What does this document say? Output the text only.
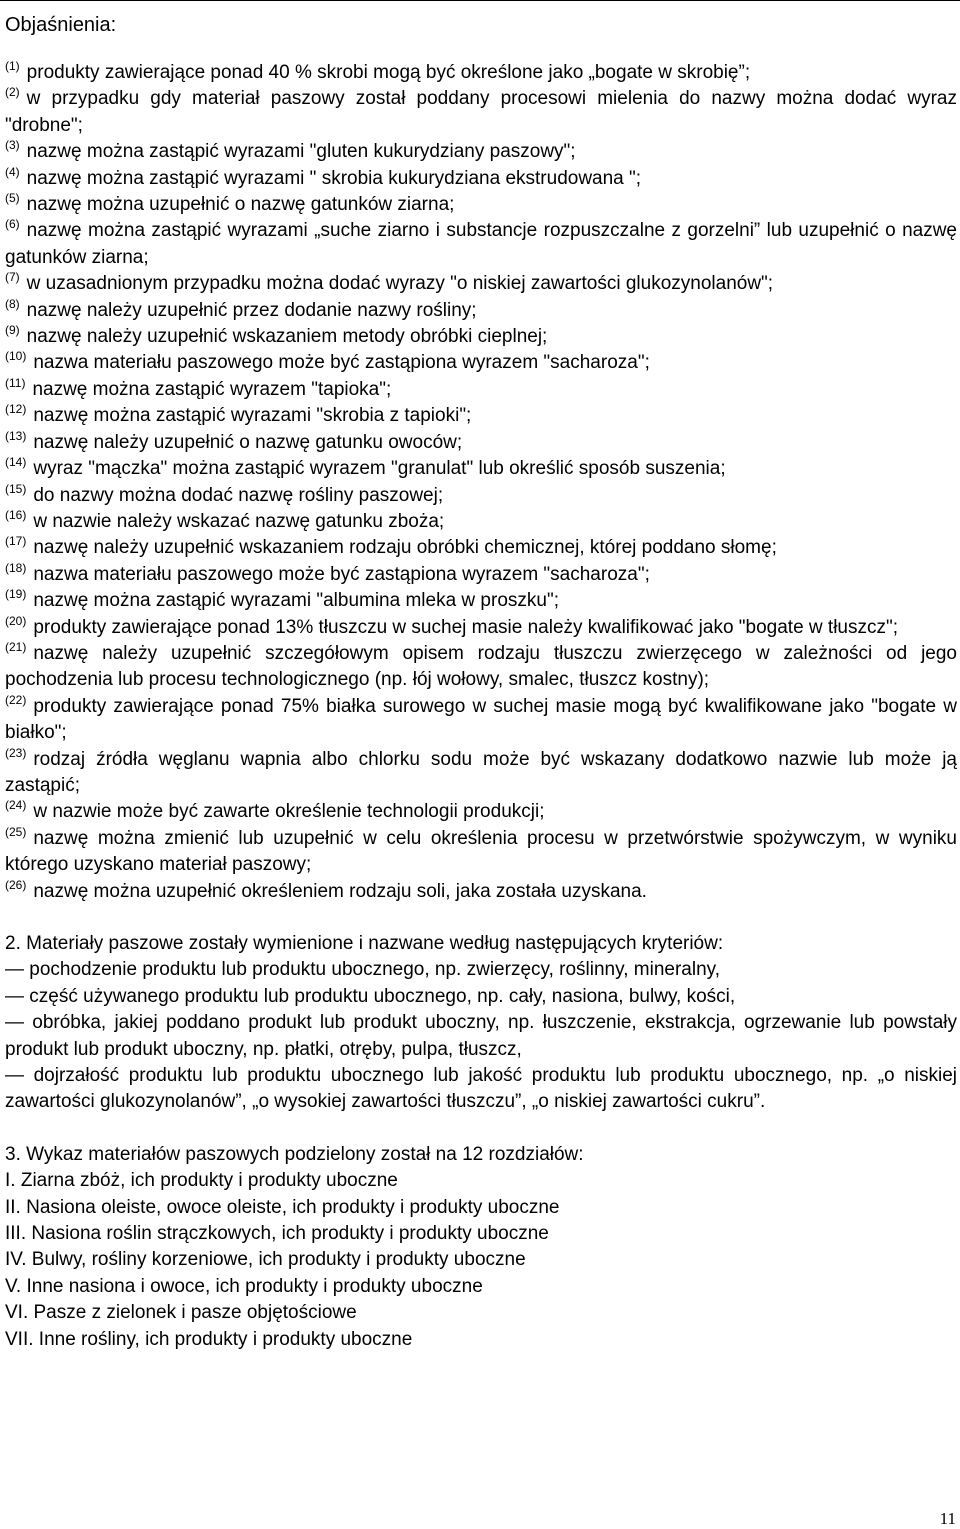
Objaśnienia:
$^{(1)}$ produkty zawierające ponad 40 % skrobi mogą być określone jako „bogate w skrobię”;
$^{(2)}$ w przypadku gdy materiał paszowy został poddany procesowi mielenia do nazwy można dodać wyraz "drobne";
$^{(3)}$ nazwę można zastąpić wyrazami "gluten kukurydziany paszowy";
$^{(4)}$ nazwę można zastąpić wyrazami " skrobia kukurydziana ekstrudowana ";
$^{(5)}$ nazwę można uzupełnić o nazwę gatunków ziarna;
$^{(6)}$ nazwę można zastąpić wyrazami „suche ziarno i substancje rozpuszczalne z gorzelni” lub uzupełnić o nazwę gatunków ziarna;
$^{(7)}$ w uzasadnionym przypadku można dodać wyrazy "o niskiej zawartości glukozynolanów";
$^{(8)}$ nazwę należy uzupełnić przez dodanie nazwy rośliny;
$^{(9)}$ nazwę należy uzupełnić wskazaniem metody obróbki cieplnej;
$^{(10)}$ nazwa materiału paszowego może być zastąpiona wyrazem "sacharoza";
$^{(11)}$ nazwę można zastąpić wyrazem "tapioka";
$^{(12)}$ nazwę można zastąpić wyrazami "skrobia z tapioki";
$^{(13)}$ nazwę należy uzupełnić o nazwę gatunku owoców;
$^{(14)}$ wyraz "mączka" można zastąpić wyrazem "granulat" lub określić sposób suszenia;
$^{(15)}$ do nazwy można dodać nazwę rośliny paszowej;
$^{(16)}$ w nazwie należy wskazać nazwę gatunku zboża;
$^{(17)}$ nazwę należy uzupełnić wskazaniem rodzaju obróbki chemicznej, której poddano słomę;
$^{(18)}$ nazwa materiału paszowego może być zastąpiona wyrazem "sacharoza";
$^{(19)}$ nazwę można zastąpić wyrazami "albumina mleka w proszku";
$^{(20)}$ produkty zawierające ponad 13% tłuszczu w suchej masie należy kwalifikować jako "bogate w tłuszcz";
$^{(21)}$ nazwę należy uzupełnić szczegółowym opisem rodzaju tłuszczu zwierzęcego w zależności od jego pochodzenia lub procesu technologicznego (np. łój wołowy, smalec, tłuszcz kostny);
$^{(22)}$ produkty zawierające ponad 75% białka surowego w suchej masie mogą być kwalifikowane jako "bogate w białko";
$^{(23)}$ rodzaj źródła węglanu wapnia albo chlorku sodu może być wskazany dodatkowo nazwie lub może ją zastąpić;
$^{(24)}$ w nazwie może być zawarte określenie technologii produkcji;
$^{(25)}$ nazwę można zmienić lub uzupełnić w celu określenia procesu w przetwórstwie spożywczym, w wyniku którego uzyskano materiał paszowy;
$^{(26)}$ nazwę można uzupełnić określeniem rodzaju soli, jaka została uzyskana.
2. Materiały paszowe zostały wymienione i nazwane według następujących kryteriów:
— pochodzenie produktu lub produktu ubocznego, np. zwierzęcy, roślinny, mineralny,
— część używanego produktu lub produktu ubocznego, np. cały, nasiona, bulwy, kości,
— obróbka, jakiej poddano produkt lub produkt uboczny, np. łuszczenie, ekstrakcja, ogrzewanie lub powstały produkt lub produkt uboczny, np. płatki, otręby, pulpa, tłuszcz,
— dojrzałość produktu lub produktu ubocznego lub jakość produktu lub produktu ubocznego, np. „o niskiej zawartości glukozynolanów”, „o wysokiej zawartości tłuszczu”, „o niskiej zawartości cukru”.
3. Wykaz materiałów paszowych podzielony został na 12 rozdziałów:
I. Ziarna zbóż, ich produkty i produkty uboczne
II. Nasiona oleiste, owoce oleiste, ich produkty i produkty uboczne
III. Nasiona roślin strączkowych, ich produkty i produkty uboczne
IV. Bulwy, rośliny korzeniowe, ich produkty i produkty uboczne
V. Inne nasiona i owoce, ich produkty i produkty uboczne
VI. Pasze z zielonek i pasze objętościowe
VII. Inne rośliny, ich produkty i produkty uboczne
11
